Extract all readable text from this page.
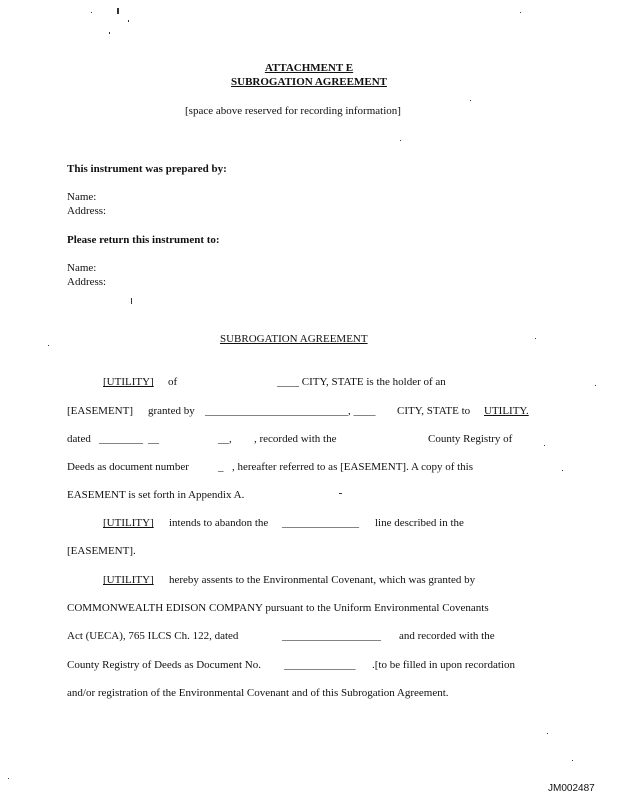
ATTACHMENT E
SUBROGATION AGREEMENT
[space above reserved for recording information]
This instrument was prepared by:
Name:
Address:
Please return this instrument to:
Name:
Address:
SUBROGATION AGREEMENT
[UTILITY] of	____ CITY, STATE is the holder of an
[EASEMENT] granted by __________________________, ____ CITY, STATE to UTILITY.
dated ________ __	__, , recorded with the	County Registry of
Deeds as document number	_ , hereafter referred to as [EASEMENT]. A copy of this
EASEMENT is set forth in Appendix A.
[UTILITY] intends to abandon the ______________ line described in the
[EASEMENT].
[UTILITY] hereby assents to the Environmental Covenant, which was granted by
COMMONWEALTH EDISON COMPANY pursuant to the Uniform Environmental Covenants
Act (UECA), 765 ILCS Ch. 122, dated	__________________ and recorded with the
County Registry of Deeds as Document No. _____________ .[to be filled in upon recordation
and/or registration of the Environmental Covenant and of this Subrogation Agreement.
JM002487
